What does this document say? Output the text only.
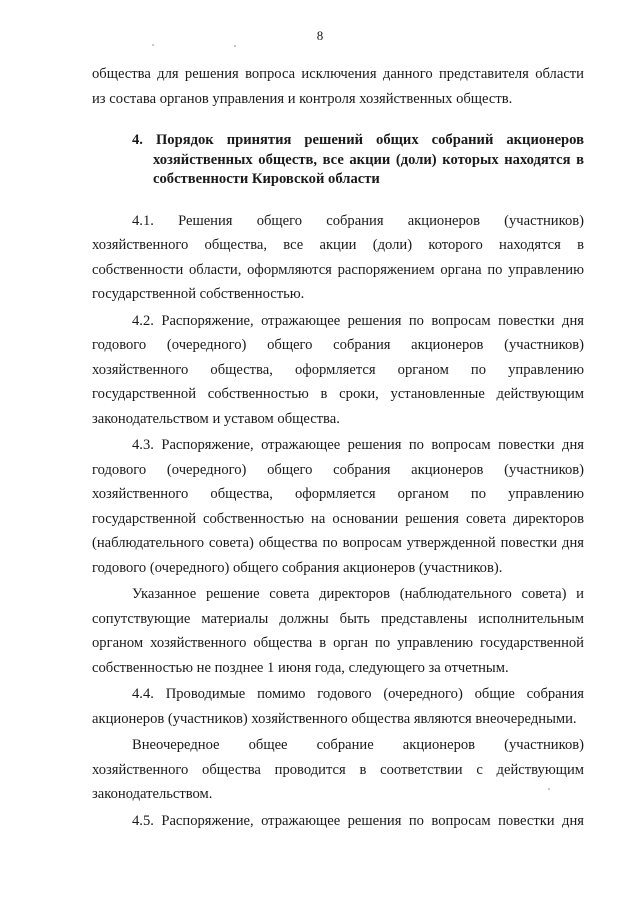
8

общества для решения вопроса исключения данного представителя области

из состава органов управления и контроля хозяйственных обществ.

4. Порядок принятия решений общих собраний акционеров
хозяйственных обществ, все акции (доли) которых находятся в
собственности Кировской области

4.1. Решения общего собрания акционеров (участников)

хозяйственного общества, все акции (доли) которого находятся в

собственности области, оформляются распоряжением органа по управлению

государственной собственностью.

4.2. Распоряжение, отражающее решения по вопросам повестки дня

годового (очередного) общего собрания акционеров (участников)

хозяйственного общества, оформляется органом по управлению

государственной собственностью в сроки, установленные действующим

законодательством и уставом общества.

4.3. Распоряжение, отражающее решения по вопросам повестки дня

годового (очередного) общего собрания акционеров (участников)

хозяйственного общества, оформляется органом по управлению

государственной собственностью на основании решения совета директоров

(наблюдательного совета) общества по вопросам утвержденной повестки дня

годового (очередного) общего собрания акционеров (участников).

Указанное решение совета директоров (наблюдательного совета) и

сопутствующие материалы должны быть представлены исполнительным

органом хозяйственного общества в орган по управлению государственной

собственностью не позднее 1 июня года, следующего за отчетным.

4.4. Проводимые помимо годового (очередного) общие собрания

акционеров (участников) хозяйственного общества являются внеочередными.

Внеочередное общее собрание акционеров (участников)

хозяйственного общества проводится в соответствии с действующим

законодательством.

4.5. Распоряжение, отражающее решения по вопросам повестки дня
